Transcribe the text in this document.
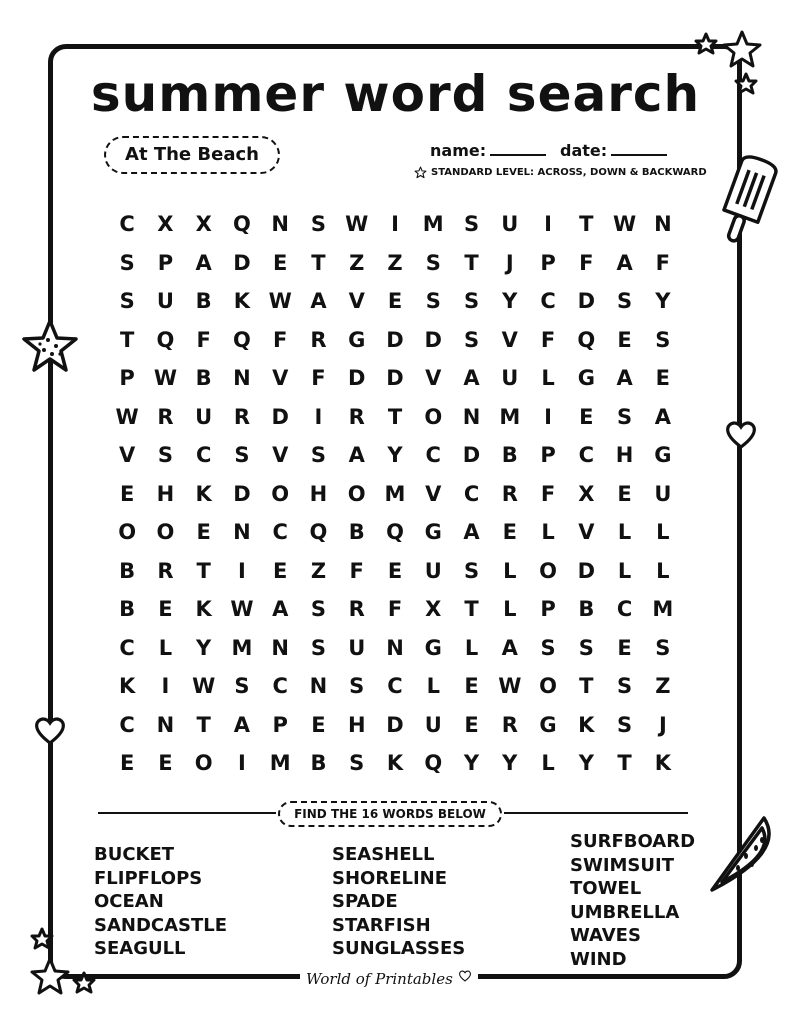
summer word search
At The Beach	name:	date:
STANDARD LEVEL: ACROSS, DOWN & BACKWARD
C	X	X	Q N	S W	I	M S	U	I	T W N
S	P	A	D	E	T	Z	Z	S	T	J	P	F	A	F
S	U	B	K W A	V	E	S	S	Y	C	D	S	Y
T	Q	F	Q	F	R	G D D	S	V	F	Q	E	S
P W B	N	V	F	D D	V	A	U	L	G	A	E
W R	U	R	D	I	R	T	O N M	I	E	S	A
V	S	C	S	V	S	A	Y	C	D	B	P	C	H G
E	H	K	D O H O M V	C	R	F	X	E	U
O O	E	N	C	Q	B	Q G	A	E	L	V	L	L
B	R	T	I	E	Z	F	E	U	S	L	O D	L	L
B	E	K W A	S	R	F	X	T	L	P	B	C M
C	L	Y M N	S	U N G	L	A	S	S	E	S
K	I	W S	C	N	S	C	L	E W O	T	S	Z
C	N	T	A	P	E	H D	U	E	R	G	K	S	J
E	E	O	I	M B	S	K	Q	Y	Y	L	Y	T	K
FIND THE 16 WORDS BELOW
BUCKET
FLIPFLOPS
OCEAN
SANDCASTLE
SEAGULL
SEASHELL
SHORELINE
SPADE
STARFISH
SUNGLASSES
SURFBOARD
SWIMSUIT
TOWEL
UMBRELLA
WAVES
WIND
World of Printables
